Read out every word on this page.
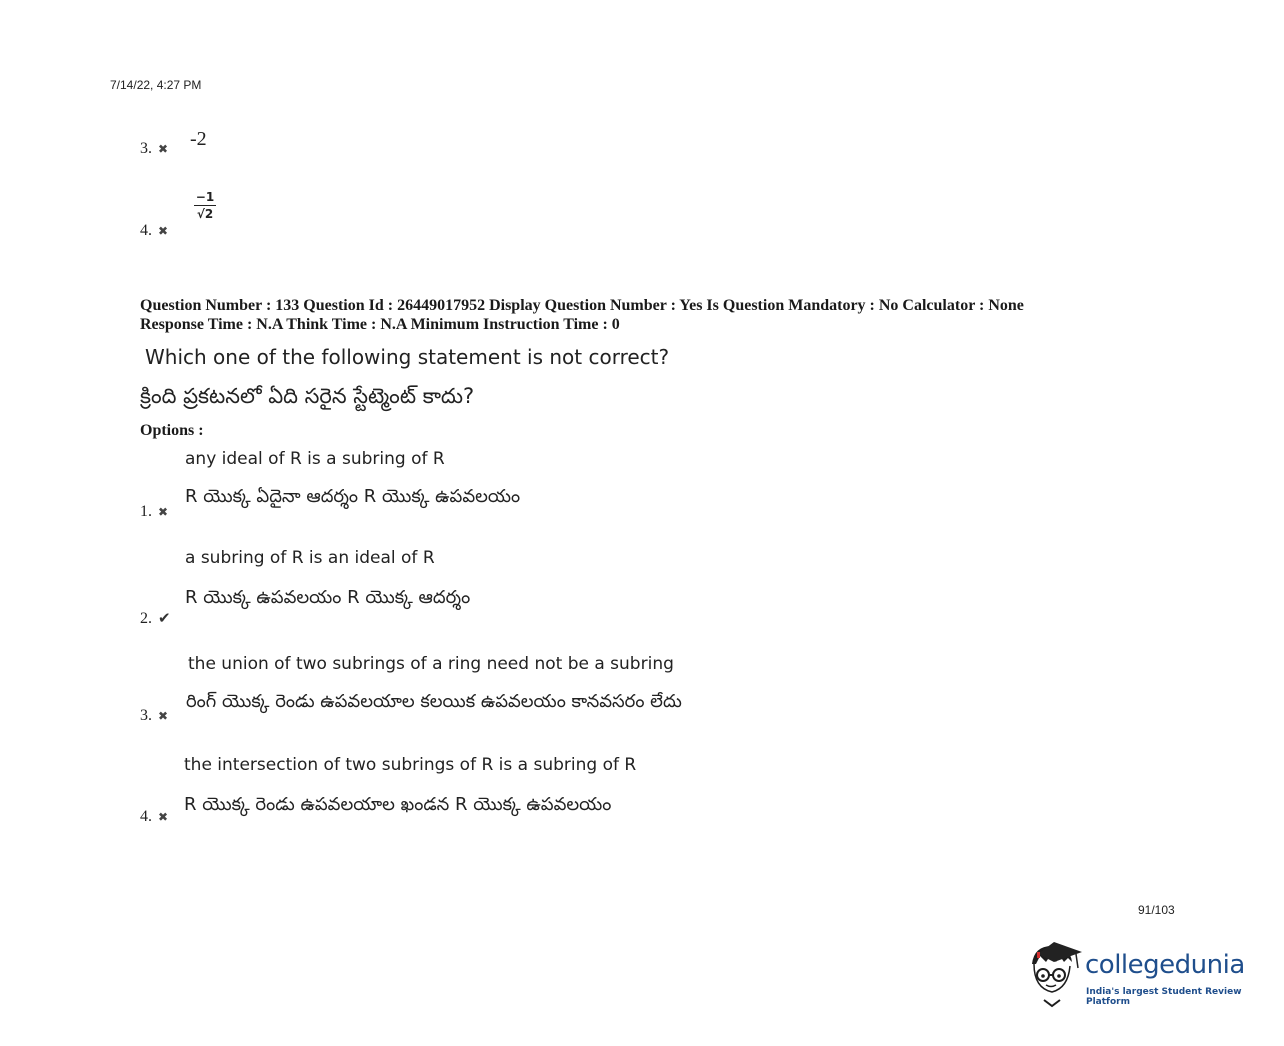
7/14/22, 4:27 PM
3. ✖ -2
−1
√2
4. ✖
Question Number : 133 Question Id : 26449017952 Display Question Number : Yes Is Question Mandatory : No Calculator : None
Response Time : N.A Think Time : N.A Minimum Instruction Time : 0
Which one of the following statement is not correct?
క్రింది ప్రకటనలో ఏది సరైన స్టేట్మెంట్ కాదు?
Options :
any ideal of R is a subring of R
R యొక్క ఏదైనా ఆదర్శం R యొక్క ఉపవలయం
1. ✖
a subring of R is an ideal of R
R యొక్క ఉపవలయం R యొక్క ఆదర్శం
2. ✔
the union of two subrings of a ring need not be a subring
రింగ్ యొక్క రెండు ఉపవలయాల కలయిక ఉపవలయం కానవసరం లేదు
3. ✖
the intersection of two subrings of R is a subring of R
R యొక్క రెండు ఉపవలయాల ఖండన R యొక్క ఉపవలయం
4. ✖
91/103
collegedunia
India's largest Student Review Platform
